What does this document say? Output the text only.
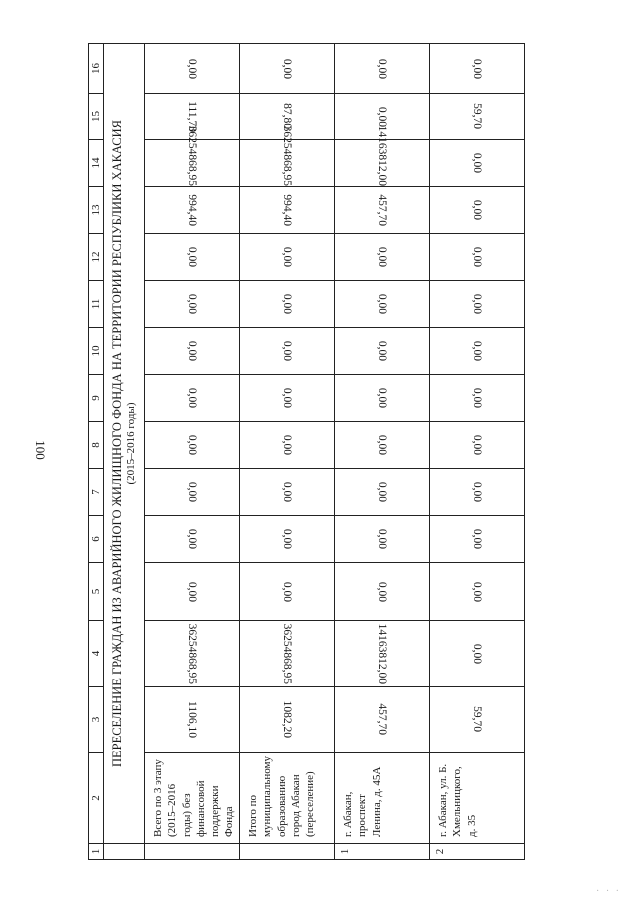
100
1	2	3	4	5	6	7	8	9	10	11	12	13	14	15	16

	ПЕРЕСЕЛЕНИЕ ГРАЖДАН ИЗ АВАРИЙНОГО ЖИЛИЩНОГО ФОНДА НА ТЕРРИТОРИИ РЕСПУБЛИКИ ХАКАСИЯ (2015–2016 годы)														

	Всего по 3 этапу (2015–2016 годы) без финансовой поддержки Фонда	1106,10	36254868,95	0,00	0,00	0,00	0,00	0,00	0,00	0,00	0,00	994,40	36254868,95	111,70	0,00
	Итого по муниципальному образованию город Абакан (переселение)	1082,20	36254868,95	0,00	0,00	0,00	0,00	0,00	0,00	0,00	0,00	994,40	36254868,95	87,80	0,00
1	г. Абакан, проспект Ленина, д. 45А	457,70	14163812,00	0,00	0,00	0,00	0,00	0,00	0,00	0,00	0,00	457,70	14163812,00	0,00	0,00
2	г. Абакан, ул. Б. Хмельницкого, д. 35	59,70	0,00	0,00	0,00	0,00	0,00	0,00	0,00	0,00	0,00	0,00	0,00	59,70	0,00
· · ·
